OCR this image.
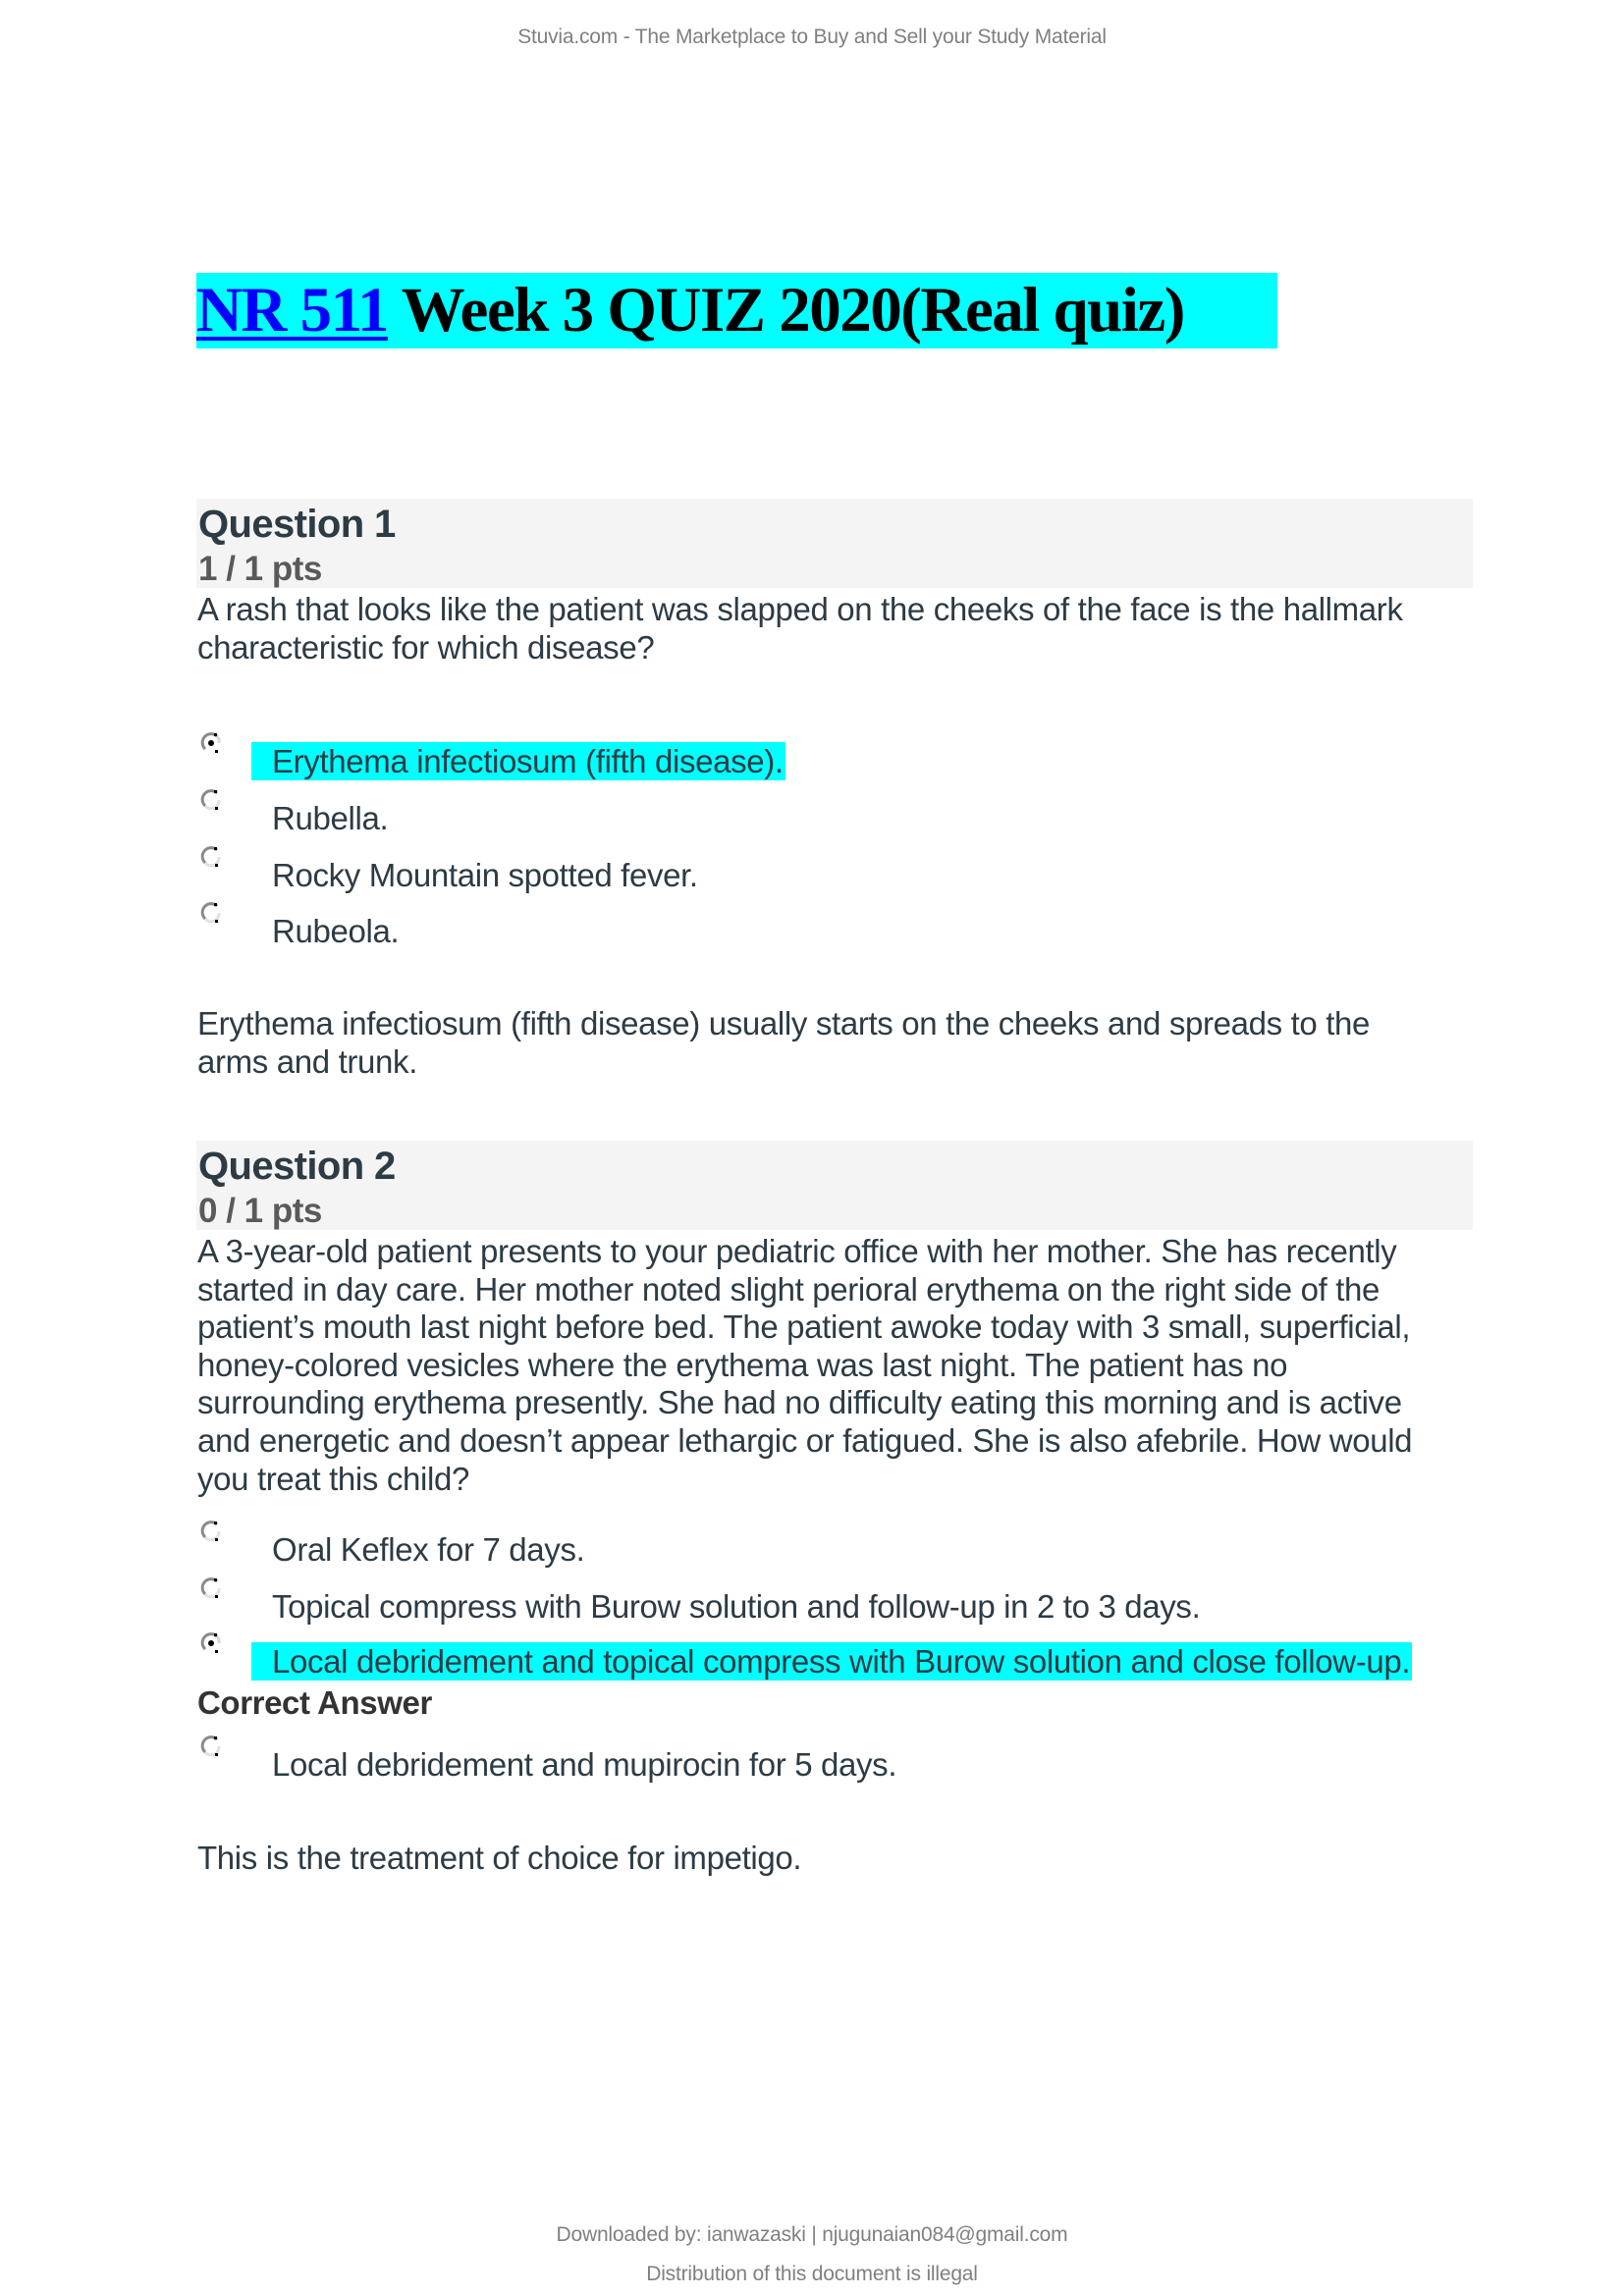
Stuvia.com - The Marketplace to Buy and Sell your Study Material
NR 511 Week 3 QUIZ 2020(Real quiz)
Question 1
1 / 1 pts
A rash that looks like the patient was slapped on the cheeks of the face is the hallmark
characteristic for which disease?
Erythema infectiosum (fifth disease).
Rubella.
Rocky Mountain spotted fever.
Rubeola.
Erythema infectiosum (fifth disease) usually starts on the cheeks and spreads to the
arms and trunk.
Question 2
0 / 1 pts
A 3-year-old patient presents to your pediatric office with her mother. She has recently
started in day care. Her mother noted slight perioral erythema on the right side of the
patient’s mouth last night before bed. The patient awoke today with 3 small, superficial,
honey-colored vesicles where the erythema was last night. The patient has no
surrounding erythema presently. She had no difficulty eating this morning and is active
and energetic and doesn’t appear lethargic or fatigued. She is also afebrile. How would
you treat this child?
Oral Keflex for 7 days.
Topical compress with Burow solution and follow-up in 2 to 3 days.
Local debridement and topical compress with Burow solution and close follow-up.
Correct Answer
Local debridement and mupirocin for 5 days.
This is the treatment of choice for impetigo.
Downloaded by: ianwazaski | njugunaian084@gmail.com
Distribution of this document is illegal
